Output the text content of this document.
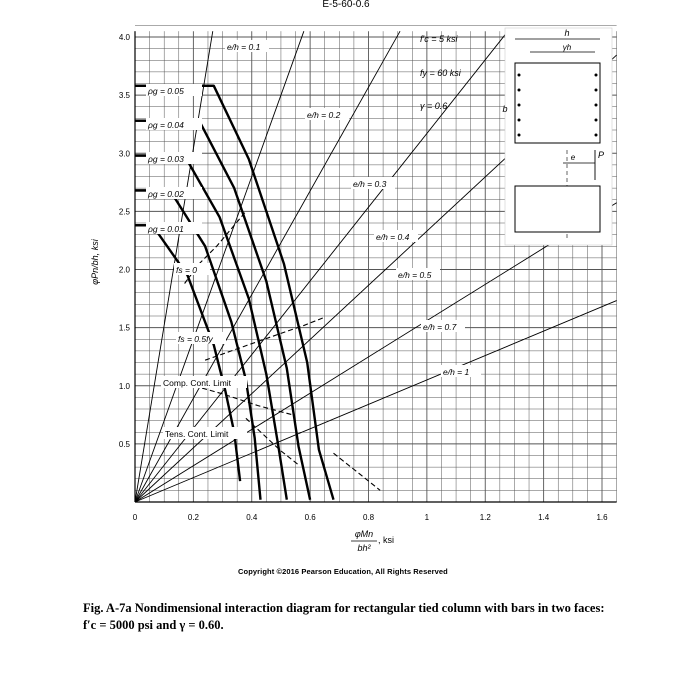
0	0.2	0.4	0.6	0.8	1	1.2	1.4	1.6
0.5
1.0
1.5
2.0
2.5
3.0
3.5
4.0
E-5-60-0.6
φPn/bh, ksi
φMn
bh²
, ksi
f′c = 5 ksi
fy = 60 ksi
γ = 0.6
ρg = 0.05
ρg = 0.04
ρg = 0.03
ρg = 0.02
ρg = 0.01
e/h = 0.1
e/h = 0.2
e/h = 0.3
e/h = 0.4
e/h = 0.5
e/h = 0.7
e/h = 1
fs = 0
fs = 0.5fy
Comp. Cont. Limit
Tens. Cont. Limit
h
γh
b
e	P
Copyright ©2016 Pearson Education, All Rights Reserved
Fig. A-7a Nondimensional interaction diagram for rectangular tied column with bars in two faces:
f′c = 5000 psi and γ = 0.60.
